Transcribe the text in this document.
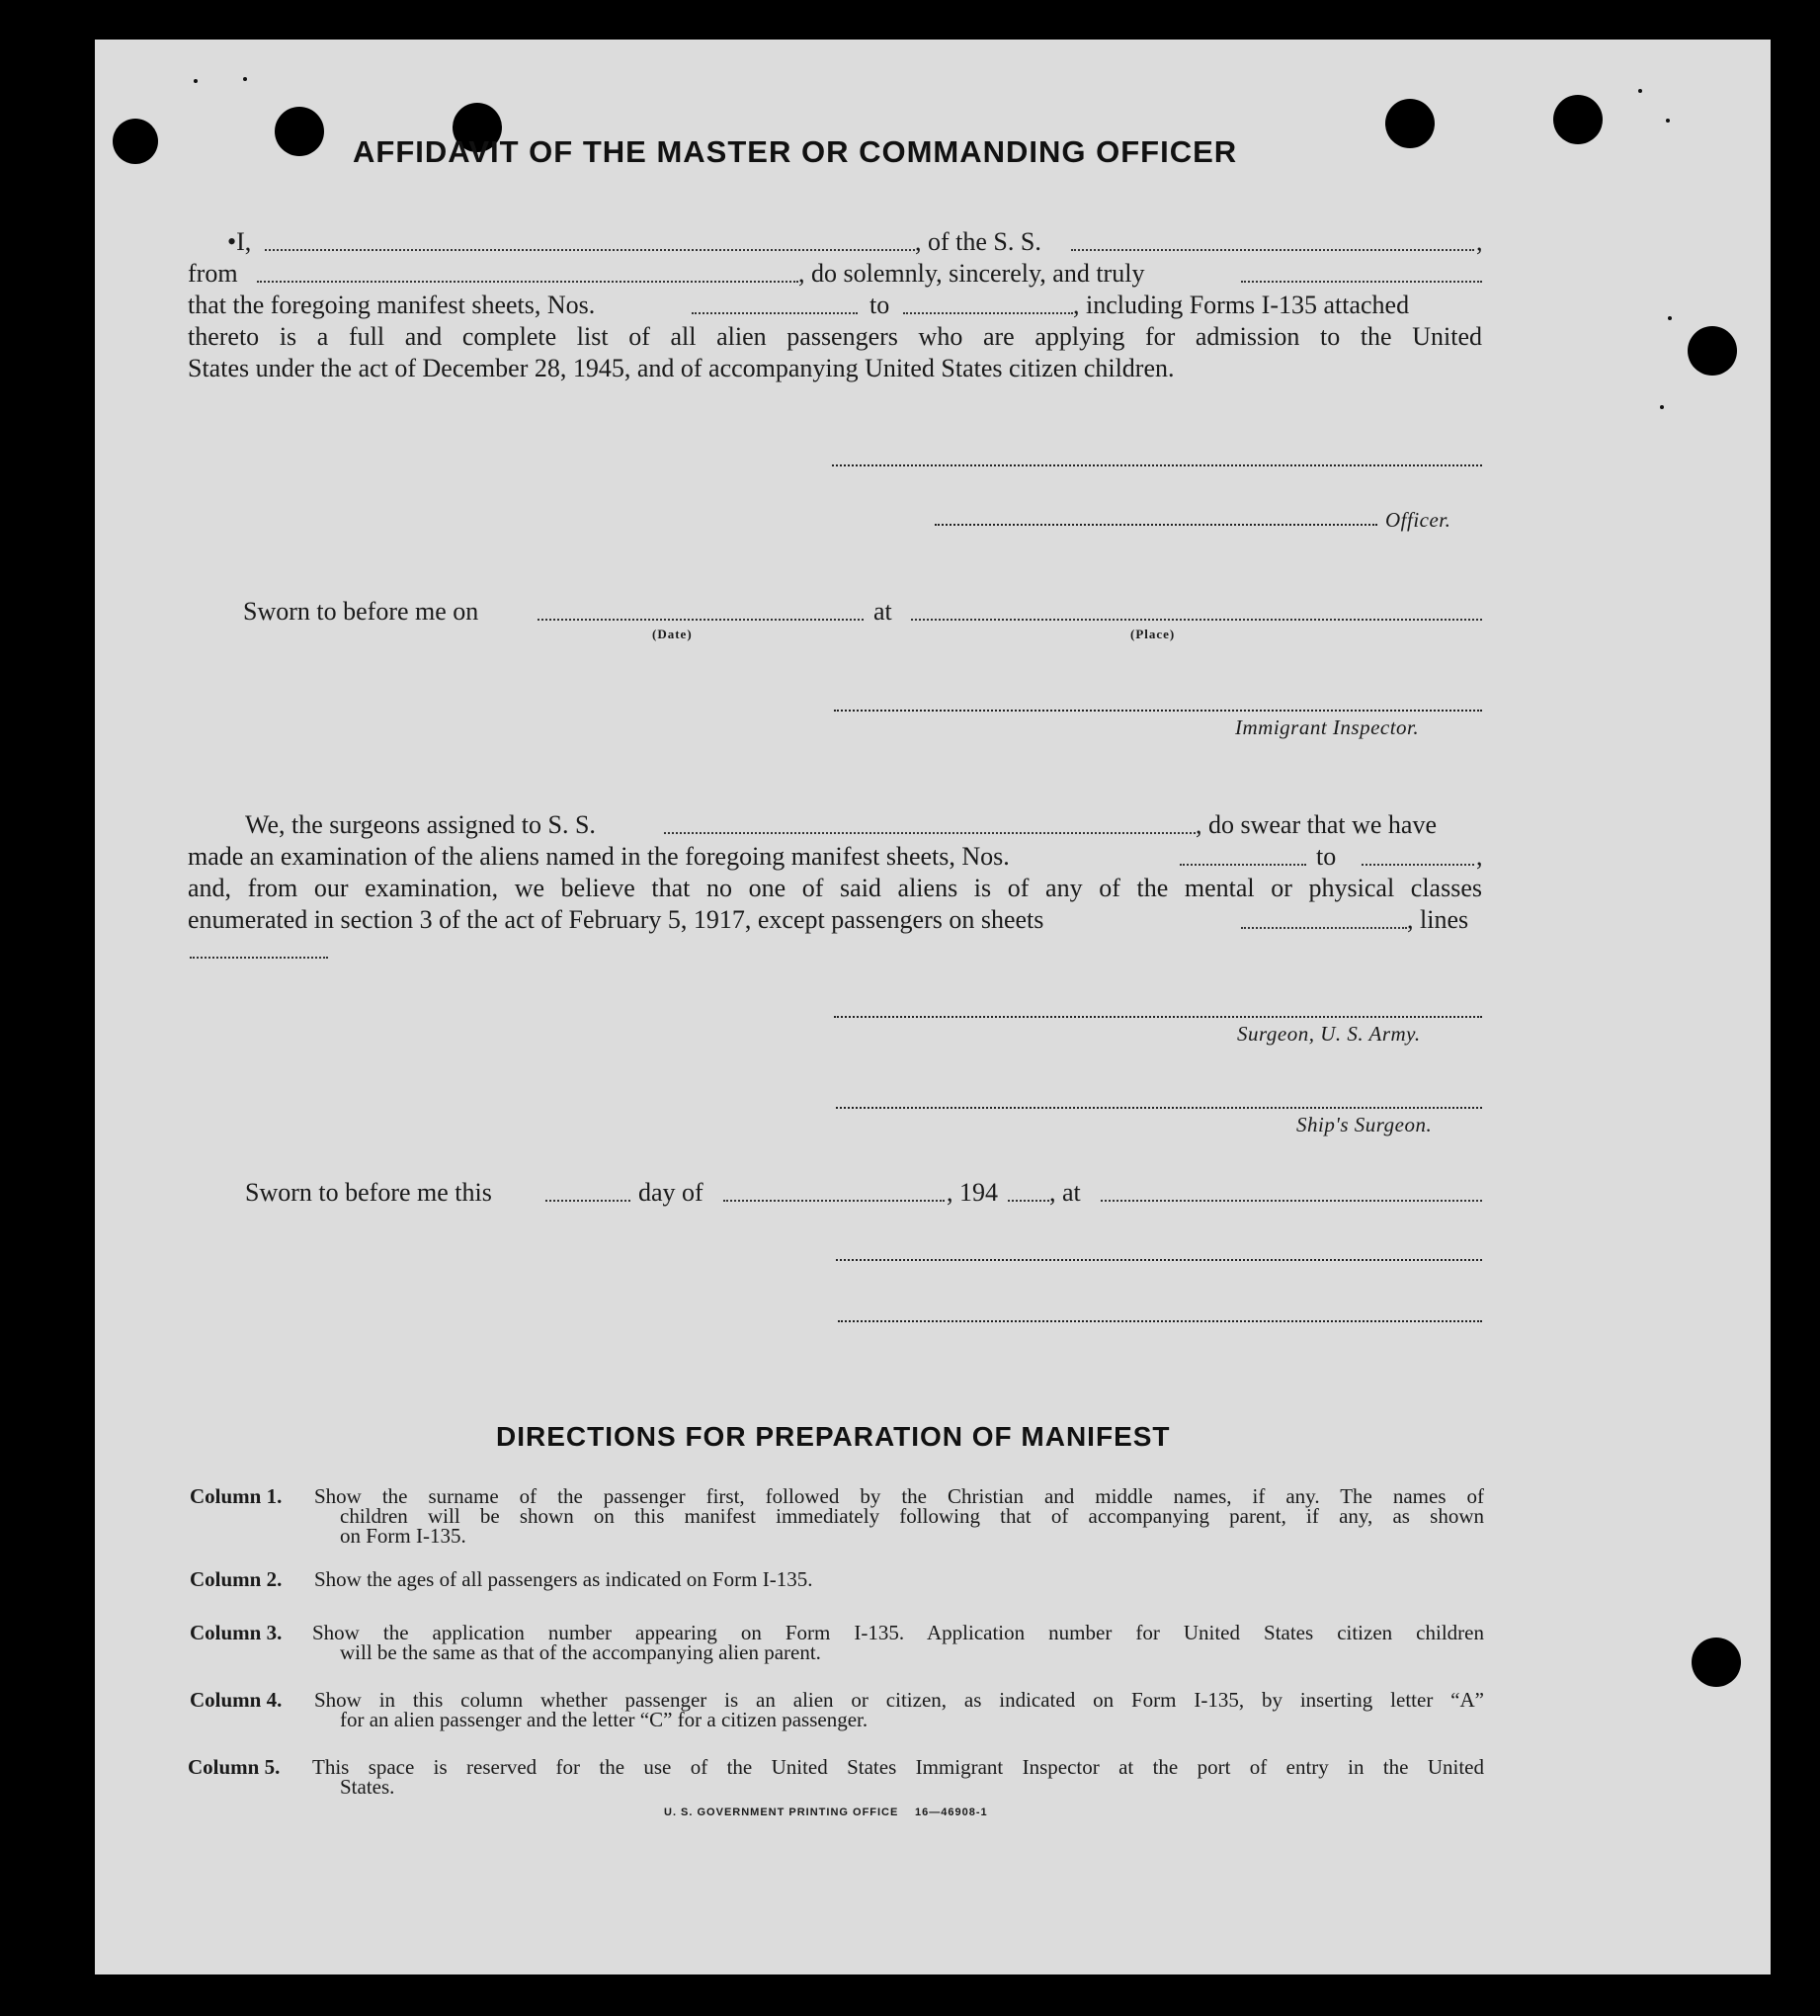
AFFIDAVIT OF THE MASTER OR COMMANDING OFFICER
•I,	, of the S. S.	,
from	, do solemnly, sincerely, and truly
that the foregoing manifest sheets, Nos.	to	, including Forms I-135 attached
thereto is a full and complete list of all alien passengers who are applying for admission to the United
States under the act of December 28, 1945, and of accompanying United States citizen children.
Officer.
Sworn to before me on	at
(Date)	(Place)
Immigrant Inspector.
We, the surgeons assigned to S. S.	, do swear that we have
made an examination of the aliens named in the foregoing manifest sheets, Nos.	to	,
and, from our examination, we believe that no one of said aliens is of any of the mental or physical classes
enumerated in section 3 of the act of February 5, 1917, except passengers on sheets	, lines
Surgeon, U. S. Army.
Ship's Surgeon.
Sworn to before me this	day of	, 194 , at
DIRECTIONS FOR PREPARATION OF MANIFEST
Column 1. Show the surname of the passenger first, followed by the Christian and middle names, if any. The names of
children will be shown on this manifest immediately following that of accompanying parent, if any, as shown
on Form I-135.
Column 2. Show the ages of all passengers as indicated on Form I-135.
Column 3. Show the application number appearing on Form I-135. Application number for United States citizen children
will be the same as that of the accompanying alien parent.
Column 4. Show in this column whether passenger is an alien or citizen, as indicated on Form I-135, by inserting letter “A”
for an alien passenger and the letter “C” for a citizen passenger.
Column 5. This space is reserved for the use of the United States Immigrant Inspector at the port of entry in the United
States.
U. S. GOVERNMENT PRINTING OFFICE 16—46908-1
